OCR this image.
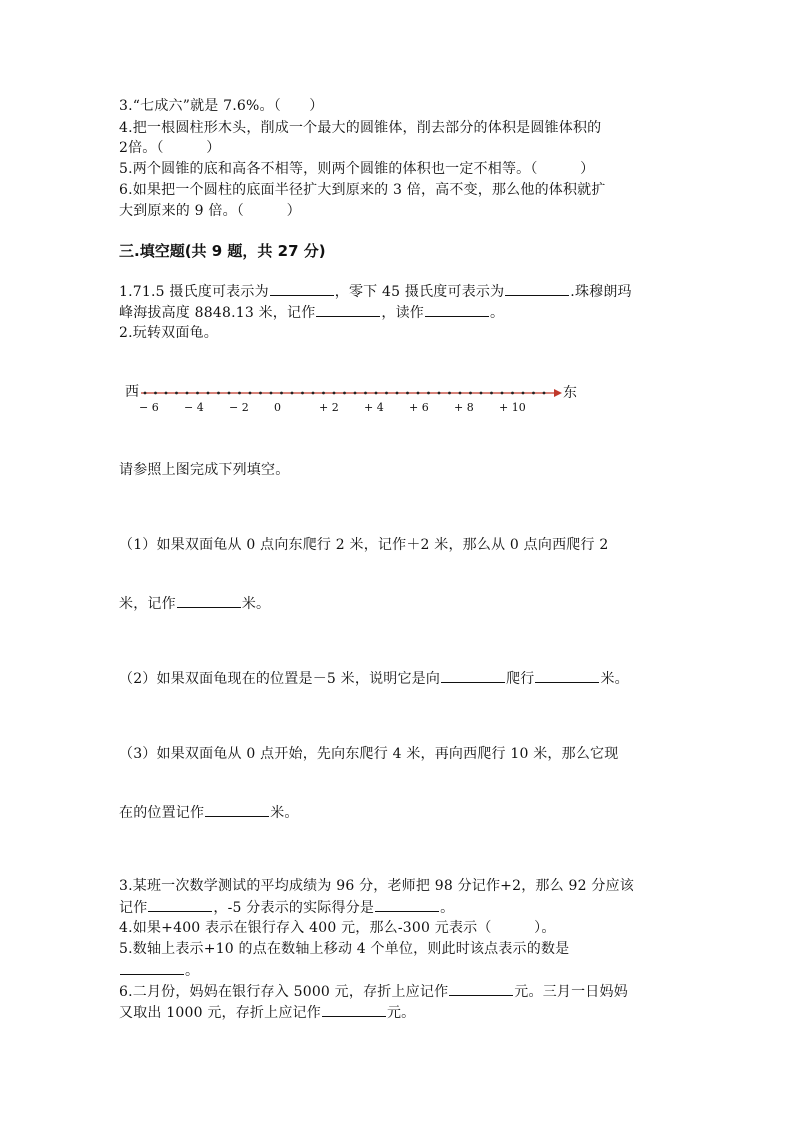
3.“七成六”就是 7.6%。（　　）
4.把一根圆柱形木头，削成一个最大的圆锥体，削去部分的体积是圆锥体积的
2倍。（　　　）
5.两个圆锥的底和高各不相等，则两个圆锥的体积也一定不相等。（　　　）
6.如果把一个圆柱的底面半径扩大到原来的 3 倍，高不变，那么他的体积就扩
大到原来的 9 倍。（　　　）
三.填空题(共 9 题，共 27 分)
1.71.5 摄氏度可表示为	，零下 45 摄氏度可表示为	.珠穆朗玛
峰海拔高度 8848.13 米，记作	，读作	。
2.玩转双面龟。
西	东
− 6 − 4 − 2 0	+ 2 + 4 + 6 + 8 + 10
请参照上图完成下列填空。
（1）如果双面龟从 0 点向东爬行 2 米，记作＋2 米，那么从 0 点向西爬行 2
米，记作	米。
（2）如果双面龟现在的位置是－5 米，说明它是向	爬行	米。
（3）如果双面龟从 0 点开始，先向东爬行 4 米，再向西爬行 10 米，那么它现
在的位置记作	米。
3.某班一次数学测试的平均成绩为 96 分，老师把 98 分记作+2，那么 92 分应该
记作	，-5 分表示的实际得分是	。
4.如果+400 表示在银行存入 400 元，那么-300 元表示（　　　）。
5.数轴上表示+10 的点在数轴上移动 4 个单位，则此时该点表示的数是
。
6.二月份，妈妈在银行存入 5000 元，存折上应记作	元。三月一日妈妈
又取出 1000 元，存折上应记作	元。
